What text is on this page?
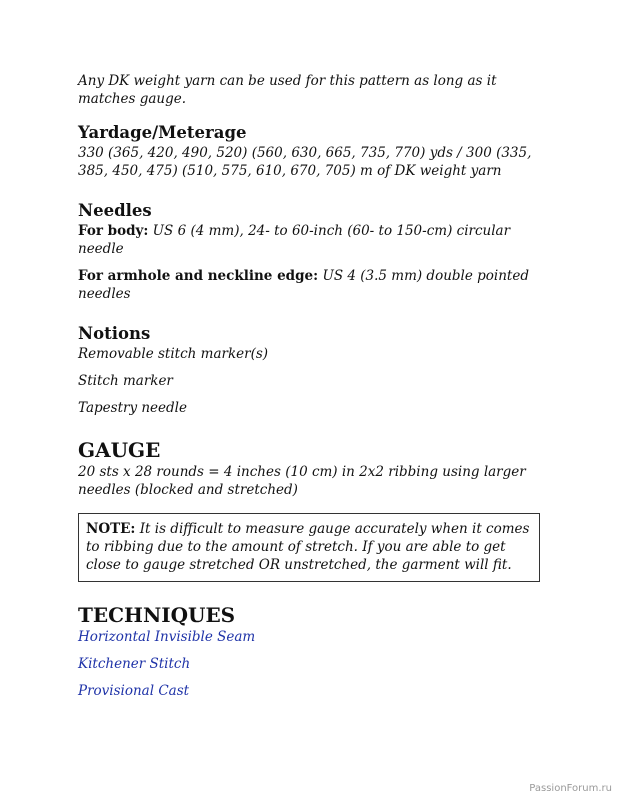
Any DK weight yarn can be used for this pattern as long as it matches gauge.

Yardage/Meterage

330 (365, 420, 490, 520) (560, 630, 665, 735, 770) yds / 300 (335, 385, 450, 475) (510, 575, 610, 670, 705) m of DK weight yarn

Needles

For body: US 6 (4 mm), 24- to 60-inch (60- to 150-cm) circular needle

For armhole and neckline edge: US 4 (3.5 mm) double pointed needles

Notions

Removable stitch marker(s)

Stitch marker

Tapestry needle

GAUGE

20 sts x 28 rounds = 4 inches (10 cm) in 2x2 ribbing using larger needles (blocked and stretched)

NOTE: It is difficult to measure gauge accurately when it comes to ribbing due to the amount of stretch. If you are able to get close to gauge stretched OR unstretched, the garment will fit.

TECHNIQUES

Horizontal Invisible Seam

Kitchener Stitch

Provisional Cast

PassionForum.ru
